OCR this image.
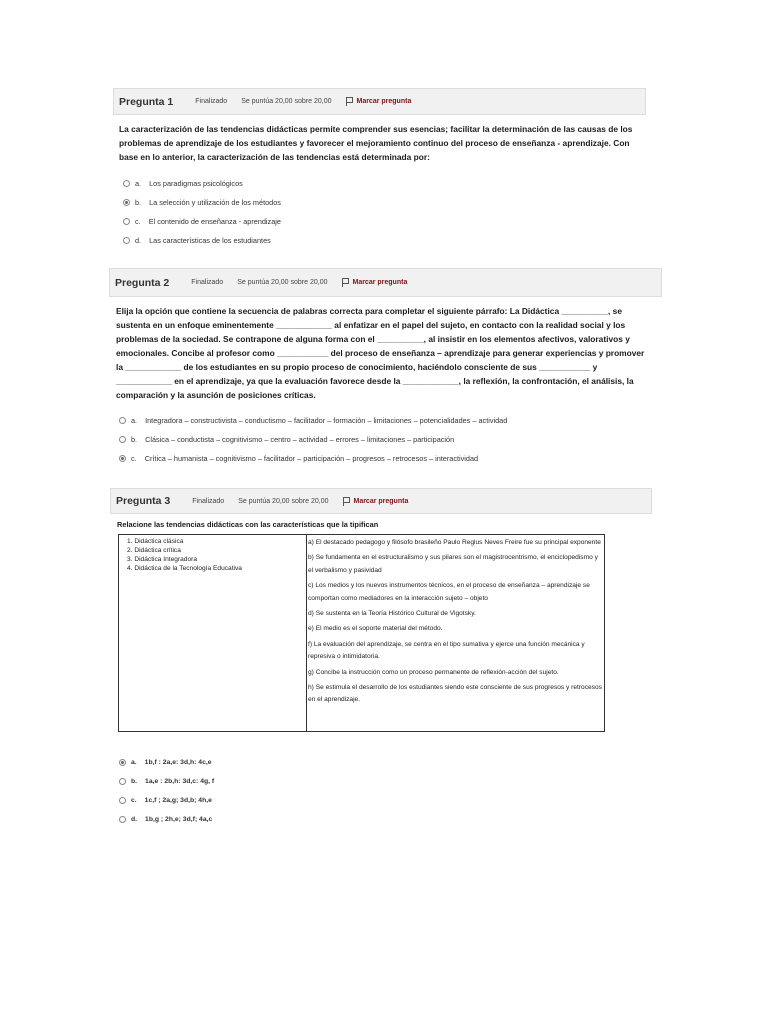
Pregunta 1	Finalizado Se puntúa 20,00 sobre 20,00	Marcar pregunta
La caracterización de las tendencias didácticas permite comprender sus esencias; facilitar la determinación de las causas de los problemas de aprendizaje de los estudiantes y favorecer el mejoramiento continuo del proceso de enseñanza - aprendizaje. Con base en lo anterior, la caracterización de las tendencias está determinada por:
a. Los paradigmas psicológicos
b. La selección y utilización de los métodos
c. El contenido de enseñanza - aprendizaje
d. Las características de los estudiantes
Pregunta 2	Finalizado Se puntúa 20,00 sobre 20,00	Marcar pregunta
Elija la opción que contiene la secuencia de palabras correcta para completar el siguiente párrafo: La Didáctica __________, se sustenta en un enfoque eminentemente ____________ al enfatizar en el papel del sujeto, en contacto con la realidad social y los problemas de la sociedad. Se contrapone de alguna forma con el __________, al insistir en los elementos afectivos, valorativos y emocionales. Concibe al profesor como ___________ del proceso de enseñanza – aprendizaje para generar experiencias y promover la ____________ de los estudiantes en su propio proceso de conocimiento, haciéndolo consciente de sus ___________ y ____________ en el aprendizaje, ya que la evaluación favorece desde la ____________, la reflexión, la confrontación, el análisis, la comparación y la asunción de posiciones críticas.
a. Integradora – constructivista – conductismo – facilitador – formación – limitaciones – potencialidades – actividad
b. Clásica – conductista – cognitivismo – centro – actividad – errores – limitaciones – participación
c. Crítica – humanista – cognitivismo – facilitador – participación – progresos – retrocesos – interactividad
Pregunta 3	Finalizado Se puntúa 20,00 sobre 20,00	Marcar pregunta
Relacione las tendencias didácticas con las características que la tipifican
1. Didáctica clásica
2. Didáctica crítica
3. Didáctica Integradora
4. Didáctica de la Tecnología Educativa

a) El destacado pedagogo y filósofo brasileño Paulo Reglus Neves Freire fue su principal exponente

b) Se fundamenta en el estructuralismo y sus pilares son el magistrocentrismo, el enciclopedismo y el verbalismo y pasividad

c) Los medios y los nuevos instrumentos técnicos, en el proceso de enseñanza – aprendizaje se comportan como mediadores en la interacción sujeto – objeto

d) Se sustenta en la Teoría Histórico Cultural de Vigotsky.

e) El medio es el soporte material del método.

f) La evaluación del aprendizaje, se centra en el tipo sumativa y ejerce una función mecánica y represiva o intimidatoria.

g) Concibe la instrucción como un proceso permanente de reflexión-acción del sujeto.

h) Se estimula el desarrollo de los estudiantes siendo este consciente de sus progresos y retrocesos en el aprendizaje.

a. 1b,f : 2a,e: 3d,h: 4c,e
b. 1a,e : 2b,h: 3d,c: 4g, f
c. 1c,f ; 2a,g; 3d,b; 4h,e
d. 1b,g ; 2h,e; 3d,f; 4a,c
